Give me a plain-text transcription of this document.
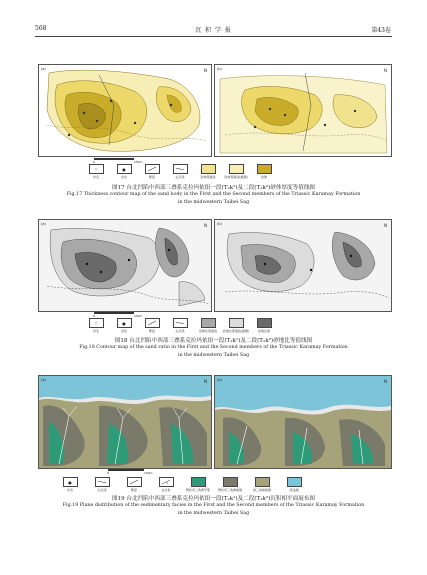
568	沉 积 学 报	第43卷
(a)	N	(b)	N
0	15km
○
井名
●
井位	断层	尖灭线	砂体等值线	砂体等值线(推测)	砂厚
图17 台北凹陷中西部三叠系克拉玛依组一段(T₂k¹)及二段(T₂k²)砂体厚度等值线图
Fig.17 Thickness contour map of the sand body in the First and the Second members of the Triassic Karamay Formation
in the midwestern Taibei Sag
(a)	N	(b)	N
0	15km
○
井名
●
井位	断层	尖灭线	砂地比等值线 砂地比等值线(推测)	砂地比值
图18 台北凹陷中西部三叠系克拉玛依组一段(T₂k¹)及二段(T₂k²)砂地比等值线图
Fig.18 Contour map of the sand ratio in the First and the Second members of the Triassic Karamay Formation
in the midwestern Taibei Sag
(a)	N	(b)	N
0	15km
●
井名	尖灭线	断层	古水系	辫状河三角洲平原	辫状河三角洲前缘	扇三角洲前缘	滨浅湖
图19 台北凹陷中西部三叠系克拉玛依组一段(T₂k¹)及二段(T₂k²)沉积相平面展布图
Fig.19 Plane distribution of the sedimentary facies in the First and the Second members of the Triassic Karamay Formation
in the midwestern Taibei Sag
